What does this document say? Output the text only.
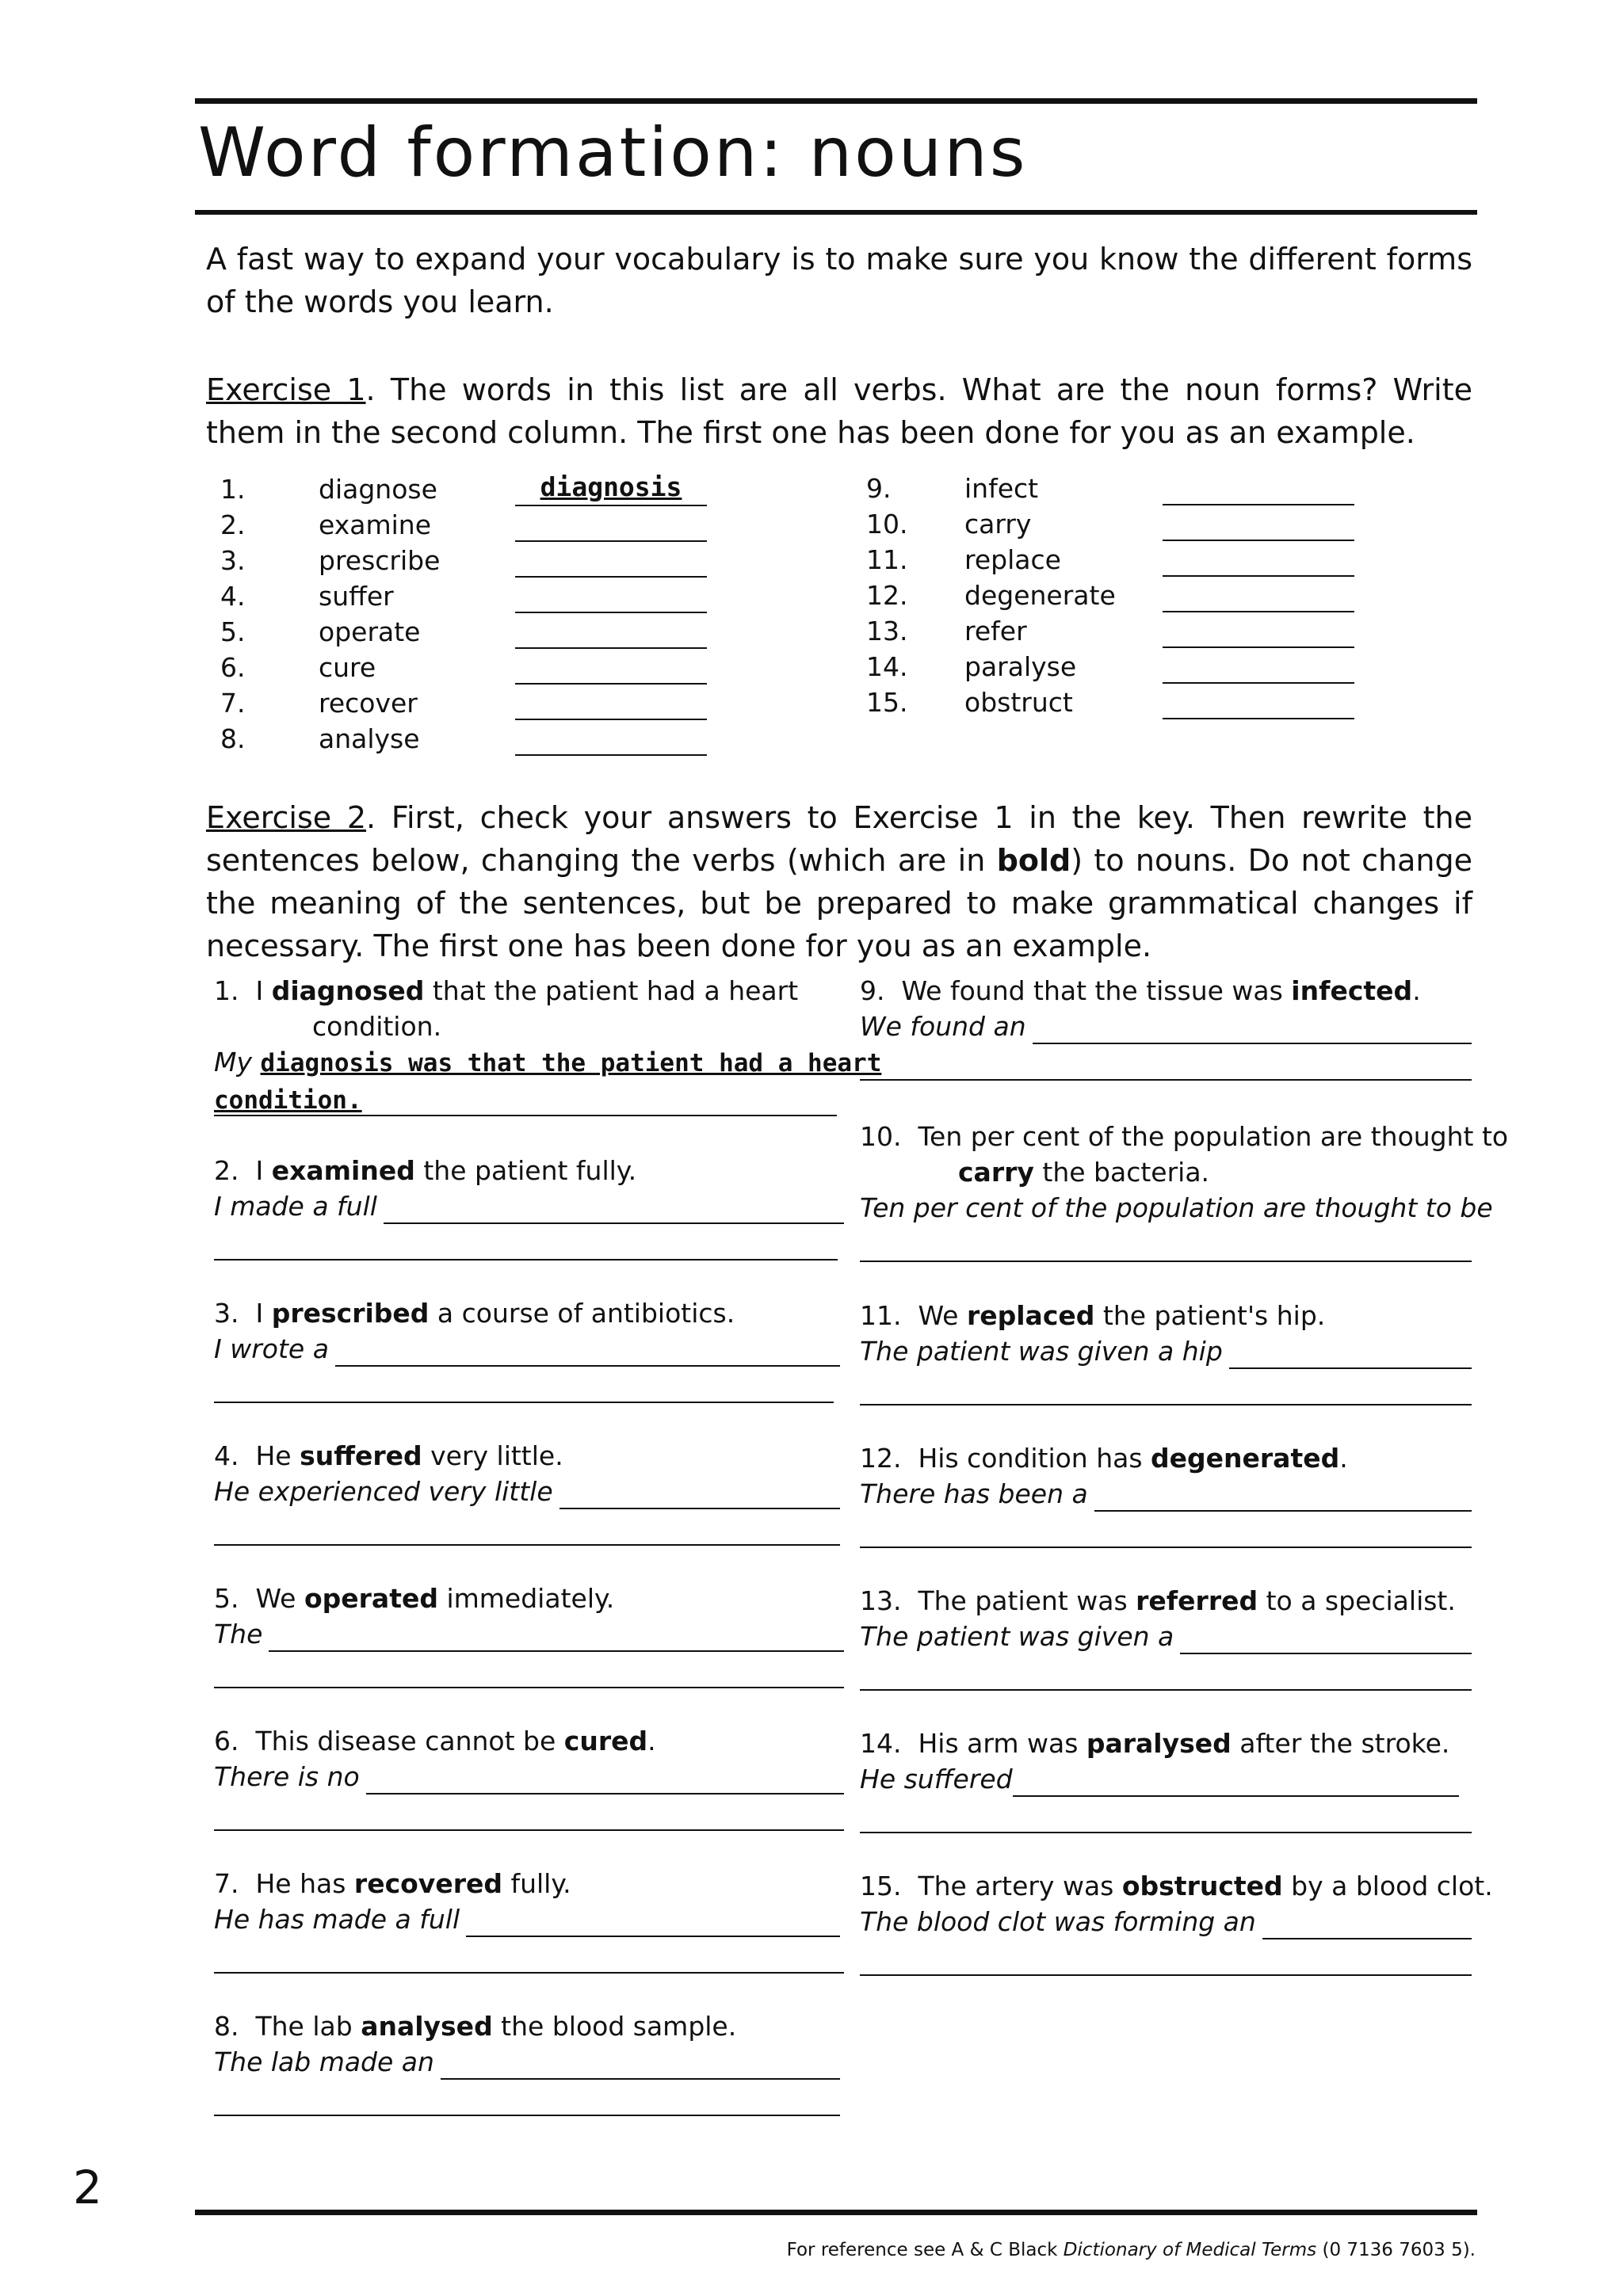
Word formation: nouns

A fast way to expand your vocabulary is to make sure you know the different forms of the words you learn.

Exercise 1. The words in this list are all verbs. What are the noun forms? Write them in the second column. The first one has been done for you as an example.

1.	diagnose	diagnosis
2.	examine
3.	prescribe
4.	suffer
5.	operate
6.	cure
7.	recover
8.	analyse
9.	infect
10. carry
11. replace
12. degenerate
13. refer
14. paralyse
15. obstruct

Exercise 2. First, check your answers to Exercise 1 in the key. Then rewrite the sentences below, changing the verbs (which are in bold) to nouns. Do not change the meaning of the sentences, but be prepared to make grammatical changes if necessary. The first one has been done for you as an example.

1. I diagnosed that the patient had a heart
condition.
My diagnosis was that the patient had a heart
condition.
2. I examined the patient fully.
I made a full
3. I prescribed a course of antibiotics.
I wrote a
4. He suffered very little.
He experienced very little
5. We operated immediately.
The
6. This disease cannot be cured.
There is no
7. He has recovered fully.
He has made a full
8. The lab analysed the blood sample.
The lab made an
9. We found that the tissue was infected.
We found an
10. Ten per cent of the population are thought to
carry the bacteria.
Ten per cent of the population are thought to be
11. We replaced the patient's hip.
The patient was given a hip
12. His condition has degenerated.
There has been a
13. The patient was referred to a specialist.
The patient was given a
14. His arm was paralysed after the stroke.
He suffered
15. The artery was obstructed by a blood clot.
The blood clot was forming an
2
For reference see A & C Black Dictionary of Medical Terms (0 7136 7603 5).
